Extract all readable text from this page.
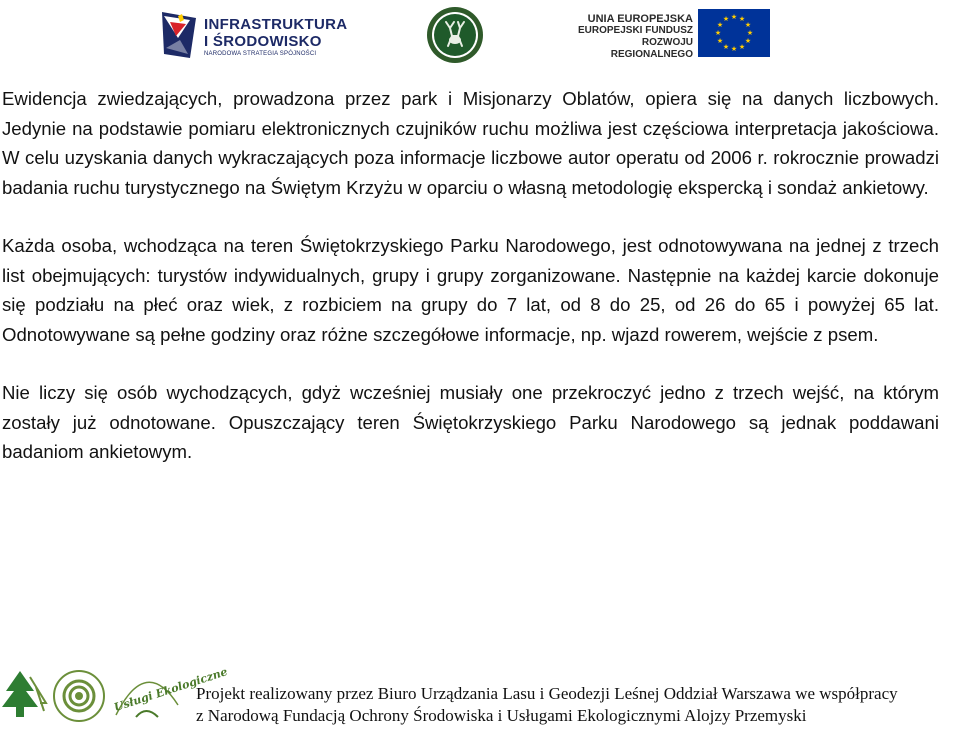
INFRASTRUKTURA
I ŚRODOWISKO
NARODOWA STRATEGIA SPÓJNOŚCI
UNIA EUROPEJSKA
EUROPEJSKI FUNDUSZ
ROZWOJU REGIONALNEGO
★ ★
★
★
★
★
★
★
★
★
★
★

Ewidencja zwiedzających, prowadzona przez park i Misjonarzy Oblatów, opiera się na danych liczbowych. Jedynie na podstawie pomiaru elektronicznych czujników ruchu możliwa jest częściowa interpretacja jakościowa. W celu uzyskania danych wykraczających poza informacje liczbowe autor operatu od 2006 r. rokrocznie prowadzi badania ruchu turystycznego na Świętym Krzyżu w oparciu o własną metodologię ekspercką i sondaż ankietowy.

Każda osoba, wchodząca na teren Świętokrzyskiego Parku Narodowego, jest odnotowywana na jednej z trzech list obejmujących: turystów indywidualnych, grupy i grupy zorganizowane. Następnie na każdej karcie dokonuje się podziału na płeć oraz wiek, z rozbiciem na grupy do 7 lat, od 8 do 25, od 26 do 65 i powyżej 65 lat. Odnotowywane są pełne godziny oraz różne szczegółowe informacje, np. wjazd rowerem, wejście z psem.

Nie liczy się osób wychodzących, gdyż wcześniej musiały one przekroczyć jedno z trzech wejść, na którym zostały już odnotowane. Opuszczający teren Świętokrzyskiego Parku Narodowego są jednak poddawani badaniom ankietowym.

Usługi Ekologiczne
Projekt realizowany przez Biuro Urządzania Lasu i Geodezji Leśnej Oddział Warszawa we współpracy
z Narodową Fundacją Ochrony Środowiska i Usługami Ekologicznymi Alojzy Przemyski
